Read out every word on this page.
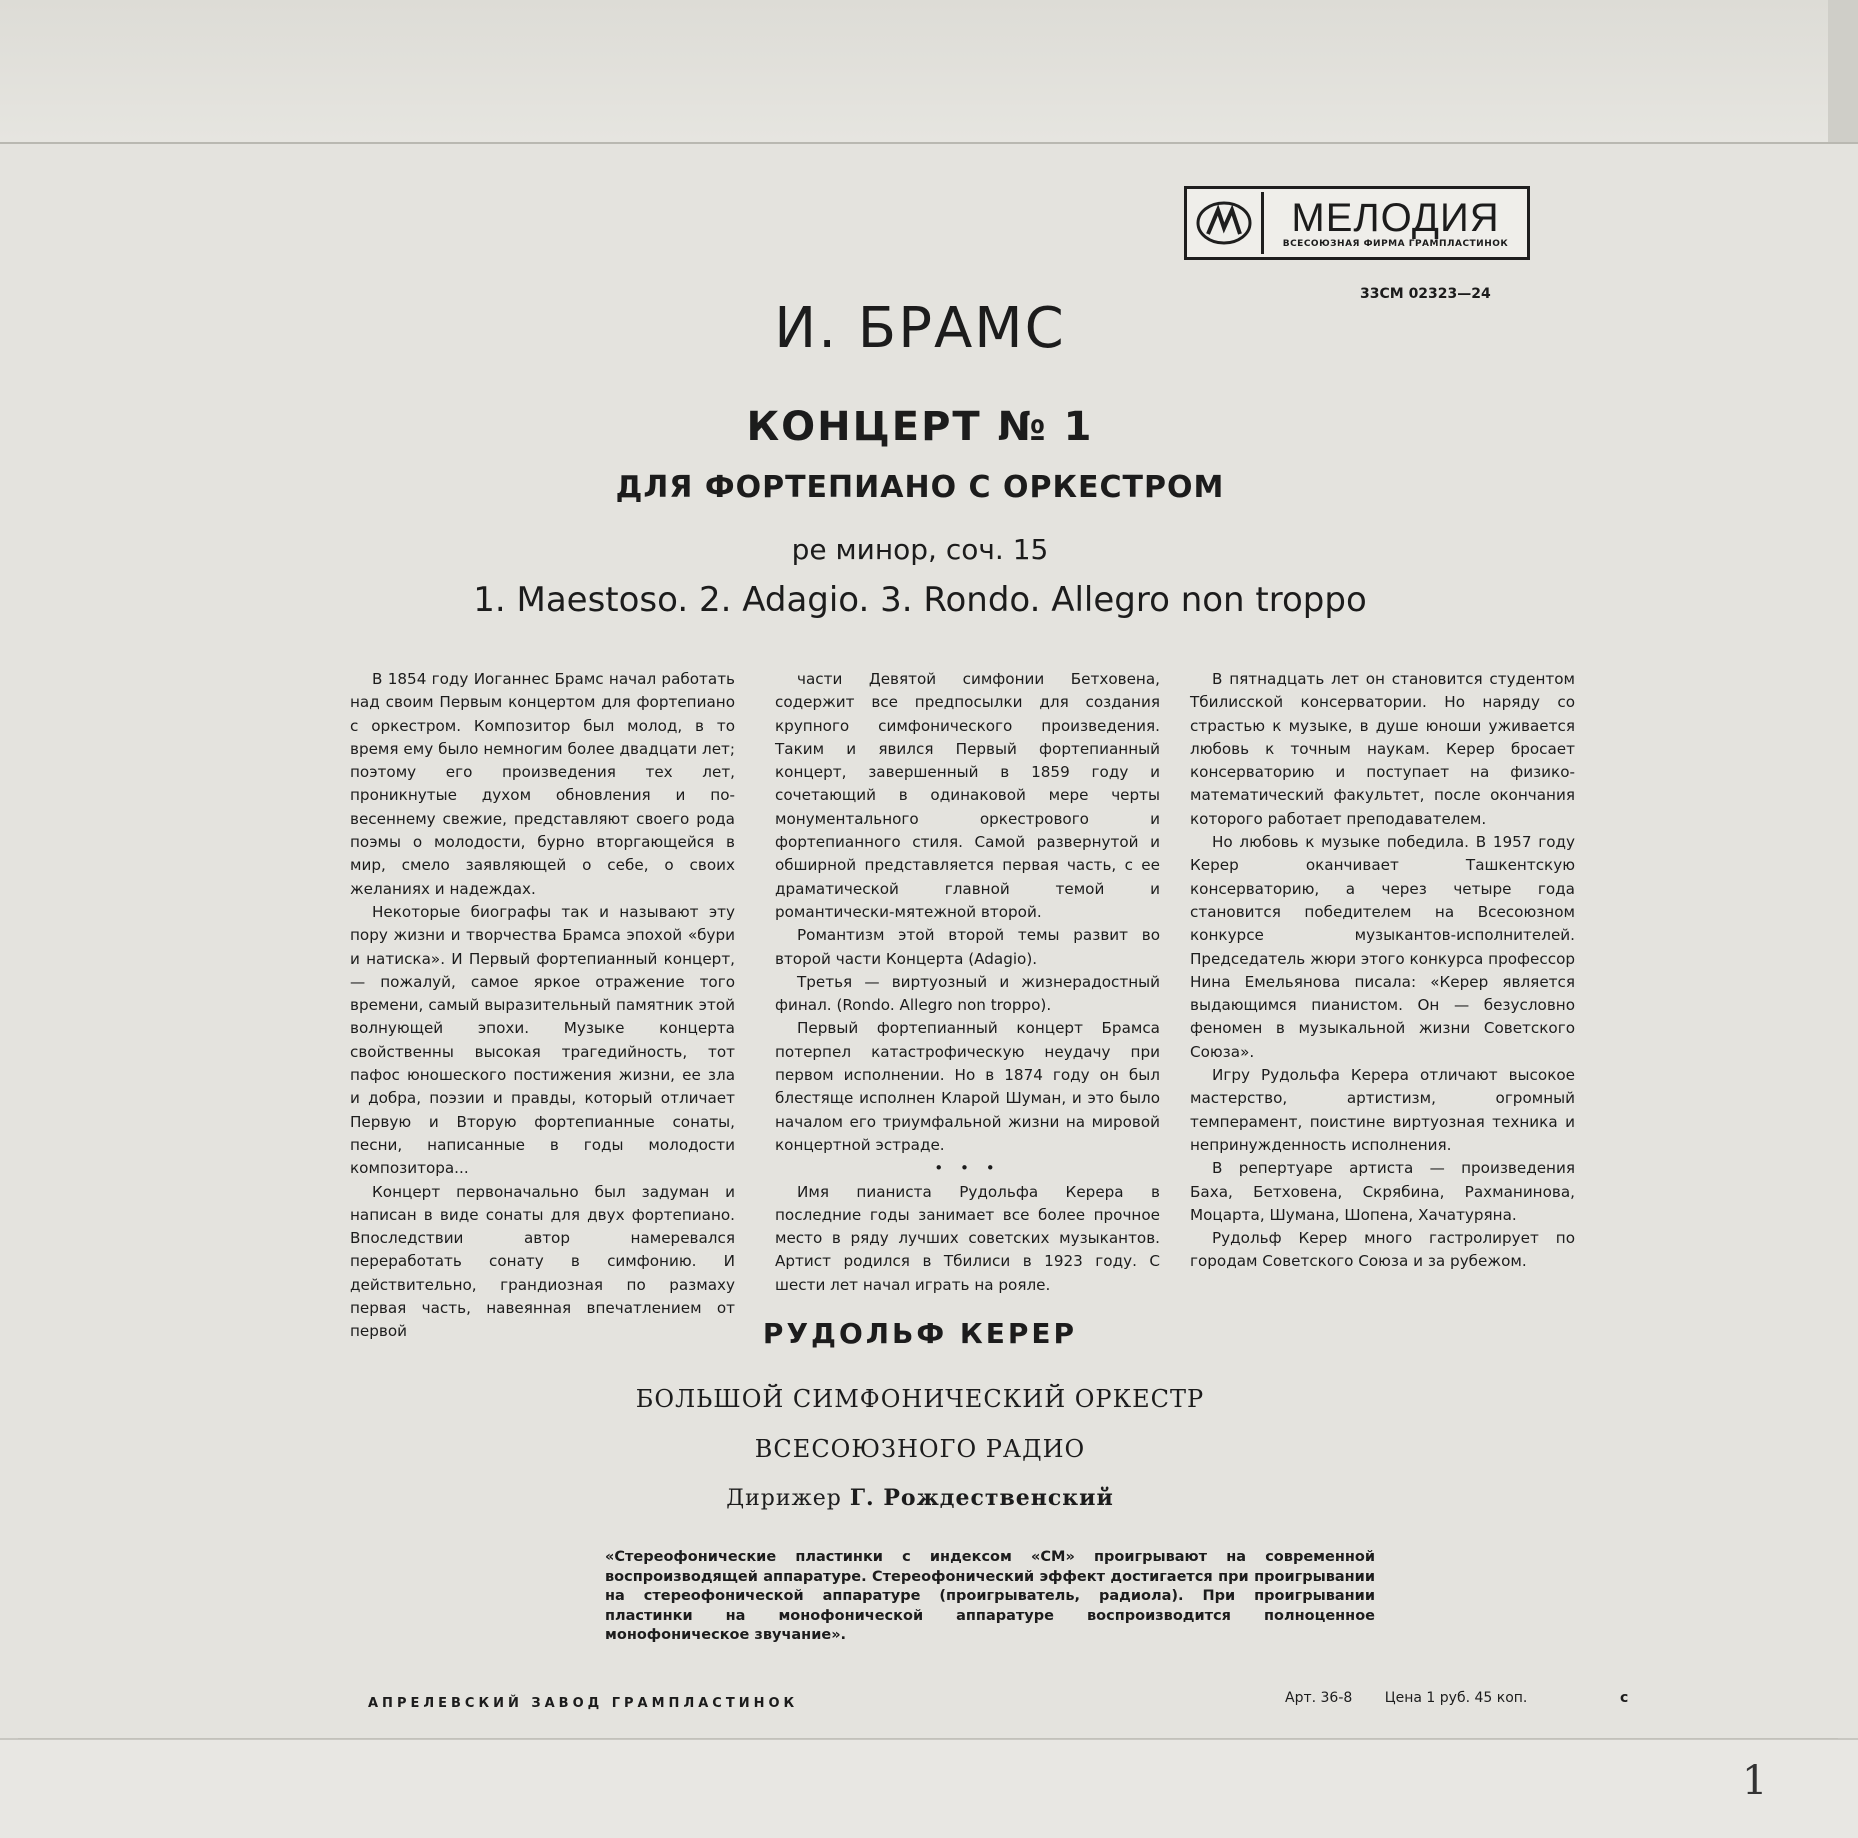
МЕЛОДИЯ
ВСЕСОЮЗНАЯ ФИРМА ГРАМПЛАСТИНОК
33СМ 02323—24
И. БРАМС
КОНЦЕРТ № 1
ДЛЯ ФОРТЕПИАНО С ОРКЕСТРОМ
ре минор, соч. 15
1. Maestoso. 2. Adagio. 3. Rondo. Allegro non troppo

В 1854 году Иоганнес Брамс начал работать над своим Первым концертом для фортепиано с оркестром. Композитор был молод, в то время ему было немногим более двадцати лет; поэтому его произведения тех лет, проникнутые духом обновления и по-весеннему свежие, представляют своего рода поэмы о молодости, бурно вторгающейся в мир, смело заявляющей о себе, о своих желаниях и надеждах.

Некоторые биографы так и называют эту пору жизни и творчества Брамса эпохой «бури и натиска». И Первый фортепианный концерт, — пожалуй, самое яркое отражение того времени, самый выразительный памятник этой волнующей эпохи. Музыке концерта свойственны высокая трагедийность, тот пафос юношеского постижения жизни, ее зла и добра, поэзии и правды, который отличает Первую и Вторую фортепианные сонаты, песни, написанные в годы молодости композитора...

Концерт первоначально был задуман и написан в виде сонаты для двух фортепиано. Впоследствии автор намеревался переработать сонату в симфонию. И действительно, грандиозная по размаху первая часть, навеянная впечатлением от первой

части Девятой симфонии Бетховена, содержит все предпосылки для создания крупного симфонического произведения. Таким и явился Первый фортепианный концерт, завершенный в 1859 году и сочетающий в одинаковой мере черты монументального оркестрового и фортепианного стиля. Самой развернутой и обширной представляется первая часть, с ее драматической главной темой и романтически-мятежной второй.

Романтизм этой второй темы развит во второй части Концерта (Adagio).

Третья — виртуозный и жизнерадостный финал. (Rondo. Allegro non troppo).

Первый фортепианный концерт Брамса потерпел катастрофическую неудачу при первом исполнении. Но в 1874 году он был блестяще исполнен Кларой Шуман, и это было началом его триумфальной жизни на мировой концертной эстраде.

• • •

Имя пианиста Рудольфа Керера в последние годы занимает все более прочное место в ряду лучших советских музыкантов. Артист родился в Тбилиси в 1923 году. С шести лет начал играть на рояле.

В пятнадцать лет он становится студентом Тбилисской консерватории. Но наряду со страстью к музыке, в душе юноши уживается любовь к точным наукам. Керер бросает консерваторию и поступает на физико-математический факультет, после окончания которого работает преподавателем.

Но любовь к музыке победила. В 1957 году Керер оканчивает Ташкентскую консерваторию, а через четыре года становится победителем на Всесоюзном конкурсе музыкантов-исполнителей. Председатель жюри этого конкурса профессор Нина Емельянова писала: «Керер является выдающимся пианистом. Он — безусловно феномен в музыкальной жизни Советского Союза».

Игру Рудольфа Керера отличают высокое мастерство, артистизм, огромный темперамент, поистине виртуозная техника и непринужденность исполнения.

В репертуаре артиста — произведения Баха, Бетховена, Скрябина, Рахманинова, Моцарта, Шумана, Шопена, Хачатуряна.

Рудольф Керер много гастролирует по городам Советского Союза и за рубежом.

РУДОЛЬФ КЕРЕР
БОЛЬШОЙ СИМФОНИЧЕСКИЙ ОРКЕСТР
ВСЕСОЮЗНОГО РАДИО
Дирижер Г. Рождественский
«Стереофонические пластинки с индексом «СМ» проигрывают на современной воспроизводящей аппаратуре. Стереофонический эффект достигается при проигрывании на стереофонической аппаратуре (проигрыватель, радиола). При проигрывании пластинки на монофонической аппаратуре воспроизводится полноценное монофоническое звучание».
АПРЕЛЕВСКИЙ ЗАВОД ГРАМПЛАСТИНОК	Арт. 36-8 Цена 1 руб. 45 коп.	с
1
